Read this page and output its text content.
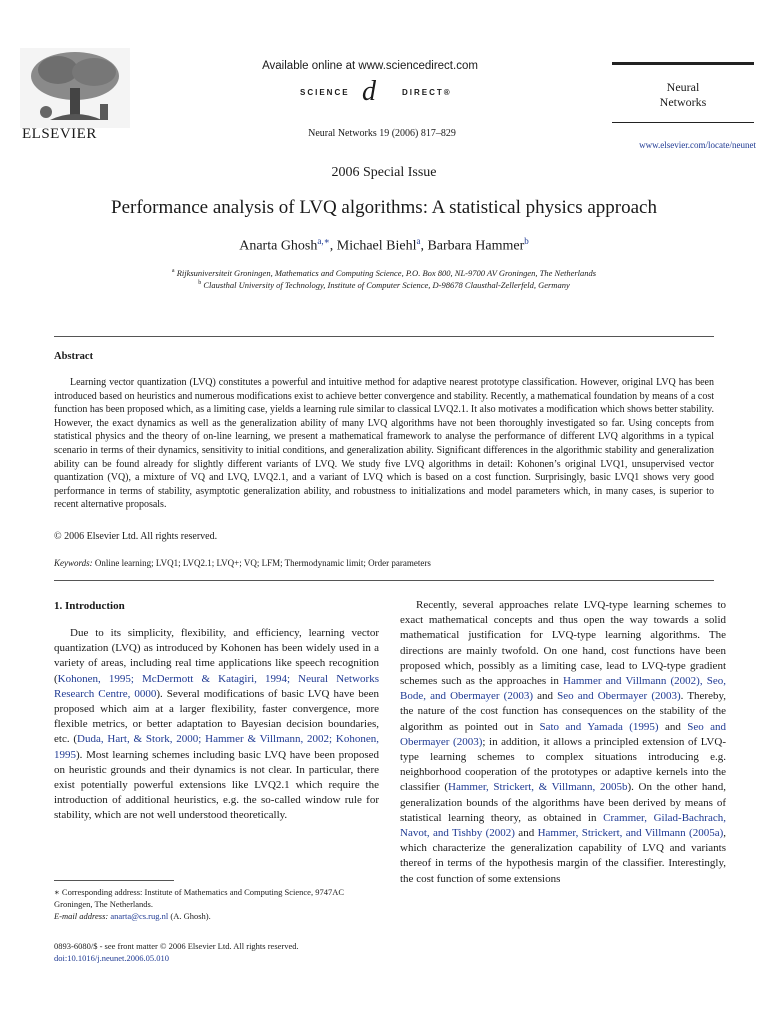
ELSEVIER
Available online at www.sciencedirect.com
SCIENCE d	DIRECT®
Neural Networks 19 (2006) 817–829
Neural
Networks
www.elsevier.com/locate/neunet
2006 Special Issue
Performance analysis of LVQ algorithms: A statistical physics approach
Anarta Ghosh$^{a,∗}$, Michael Biehl$^a$, Barbara Hammer$^b$
$^a$ Rijksuniversiteit Groningen, Mathematics and Computing Science, P.O. Box 800, NL-9700 AV Groningen, The Netherlands
$^b$ Clausthal University of Technology, Institute of Computer Science, D-98678 Clausthal-Zellerfeld, Germany
Abstract
Learning vector quantization (LVQ) constitutes a powerful and intuitive method for adaptive nearest prototype classification. However, original LVQ has been introduced based on heuristics and numerous modifications exist to achieve better convergence and stability. Recently, a mathematical foundation by means of a cost function has been proposed which, as a limiting case, yields a learning rule similar to classical LVQ2.1. It also motivates a modification which shows better stability. However, the exact dynamics as well as the generalization ability of many LVQ algorithms have not been thoroughly investigated so far. Using concepts from statistical physics and the theory of on-line learning, we present a mathematical framework to analyse the performance of different LVQ algorithms in a typical scenario in terms of their dynamics, sensitivity to initial conditions, and generalization ability. Significant differences in the algorithmic stability and generalization ability can be found already for slightly different variants of LVQ. We study five LVQ algorithms in detail: Kohonen’s original LVQ1, unsupervised vector quantization (VQ), a mixture of VQ and LVQ, LVQ2.1, and a variant of LVQ which is based on a cost function. Surprisingly, basic LVQ1 shows very good performance in terms of stability, asymptotic generalization ability, and robustness to initializations and model parameters which, in many cases, is superior to recent alternative proposals.
© 2006 Elsevier Ltd. All rights reserved.
Keywords: Online learning; LVQ1; LVQ2.1; LVQ+; VQ; LFM; Thermodynamic limit; Order parameters
1. Introduction
Due to its simplicity, flexibility, and efficiency, learning vector quantization (LVQ) as introduced by Kohonen has been widely used in a variety of areas, including real time applications like speech recognition (Kohonen, 1995; McDermott & Katagiri, 1994; Neural Networks Research Centre, 0000). Several modifications of basic LVQ have been proposed which aim at a larger flexibility, faster convergence, more flexible metrics, or better adaptation to Bayesian decision boundaries, etc. (Duda, Hart, & Stork, 2000; Hammer & Villmann, 2002; Kohonen, 1995). Most learning schemes including basic LVQ have been proposed on heuristic grounds and their dynamics is not clear. In particular, there exist potentially powerful extensions like LVQ2.1 which require the introduction of additional heuristics, e.g. the so-called window rule for stability, which are not well understood theoretically.
Recently, several approaches relate LVQ-type learning schemes to exact mathematical concepts and thus open the way towards a solid mathematical justification for LVQ-type learning algorithms. The directions are mainly twofold. On one hand, cost functions have been proposed which, possibly as a limiting case, lead to LVQ-type gradient schemes such as the approaches in Hammer and Villmann (2002), Seo, Bode, and Obermayer (2003) and Seo and Obermayer (2003). Thereby, the nature of the cost function has consequences on the stability of the algorithm as pointed out in Sato and Yamada (1995) and Seo and Obermayer (2003); in addition, it allows a principled extension of LVQ-type learning schemes to complex situations introducing e.g. neighborhood cooperation of the prototypes or adaptive kernels into the classifier (Hammer, Strickert, & Villmann, 2005b). On the other hand, generalization bounds of the algorithms have been derived by means of statistical learning theory, as obtained in Crammer, Gilad-Bachrach, Navot, and Tishby (2002) and Hammer, Strickert, and Villmann (2005a), which characterize the generalization capability of LVQ and variants thereof in terms of the hypothesis margin of the classifier. Interestingly, the cost function of some extensions
∗ Corresponding address: Institute of Mathematics and Computing Science, 9747AC Groningen, The Netherlands.
E-mail address: anarta@cs.rug.nl (A. Ghosh).
0893-6080/$ - see front matter © 2006 Elsevier Ltd. All rights reserved.
doi:10.1016/j.neunet.2006.05.010
